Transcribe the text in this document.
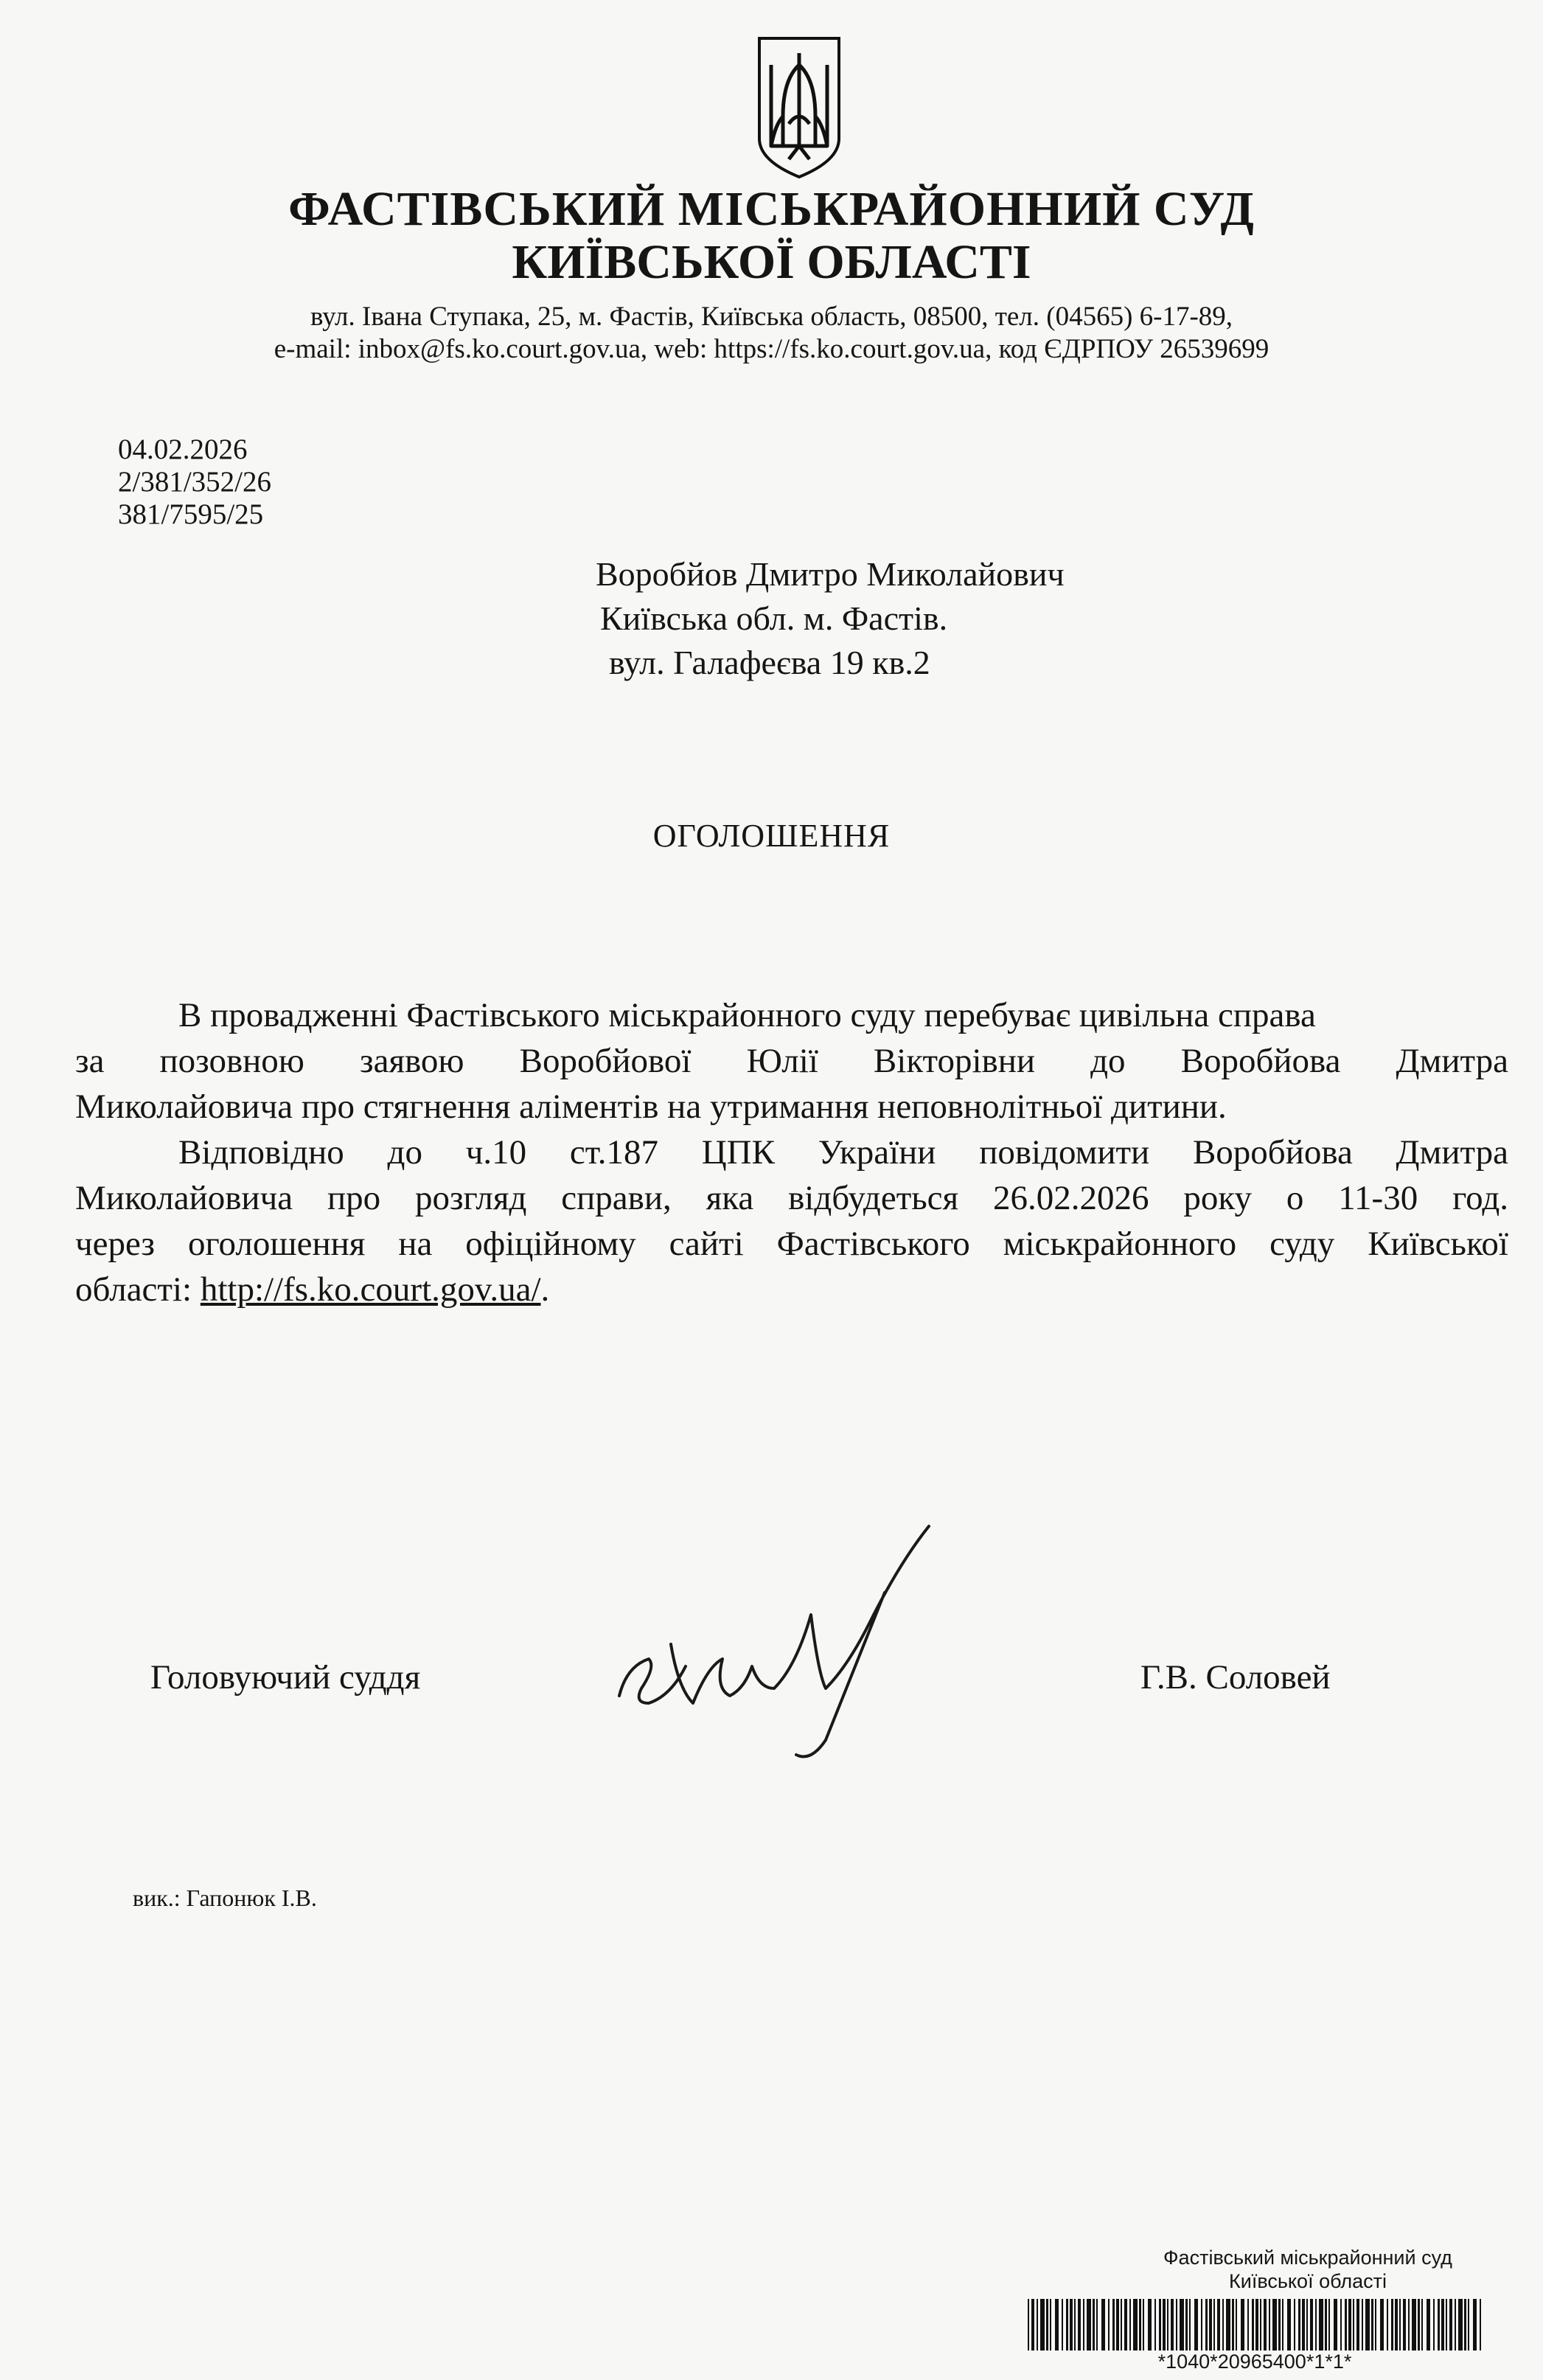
ФАСТІВСЬКИЙ МІСЬКРАЙОННИЙ СУД
КИЇВСЬКОЇ ОБЛАСТІ
вул. Івана Ступака, 25, м. Фастів, Київська область, 08500, тел. (04565) 6-17-89,
e-mail: inbox@fs.ko.court.gov.ua, web: https://fs.ko.court.gov.ua, код ЄДРПОУ 26539699
04.02.2026
2/381/352/26
381/7595/25
Воробйов Дмитро Миколайович
Київська обл. м. Фастів.
вул. Галафеєва 19 кв.2
ОГОЛОШЕННЯ
В провадженні Фастівського міськрайонного суду перебуває цивільна справа
за позовною заявою Воробйової Юлії Вікторівни до Воробйова Дмитра
Миколайовича про стягнення аліментів на утримання неповнолітньої дитини.
Відповідно до ч.10 ст.187 ЦПК України повідомити Воробйова Дмитра
Миколайовича про розгляд справи, яка відбудеться 26.02.2026 року о 11-30 год.
через оголошення на офіційному сайті Фастівського міськрайонного суду Київської
області: http://fs.ko.court.gov.ua/.
Головуючий суддя	Г.В. Соловей
вик.: Гапонюк І.В.
Фастівський міськрайонний суд
Київської області
*1040*20965400*1*1*
